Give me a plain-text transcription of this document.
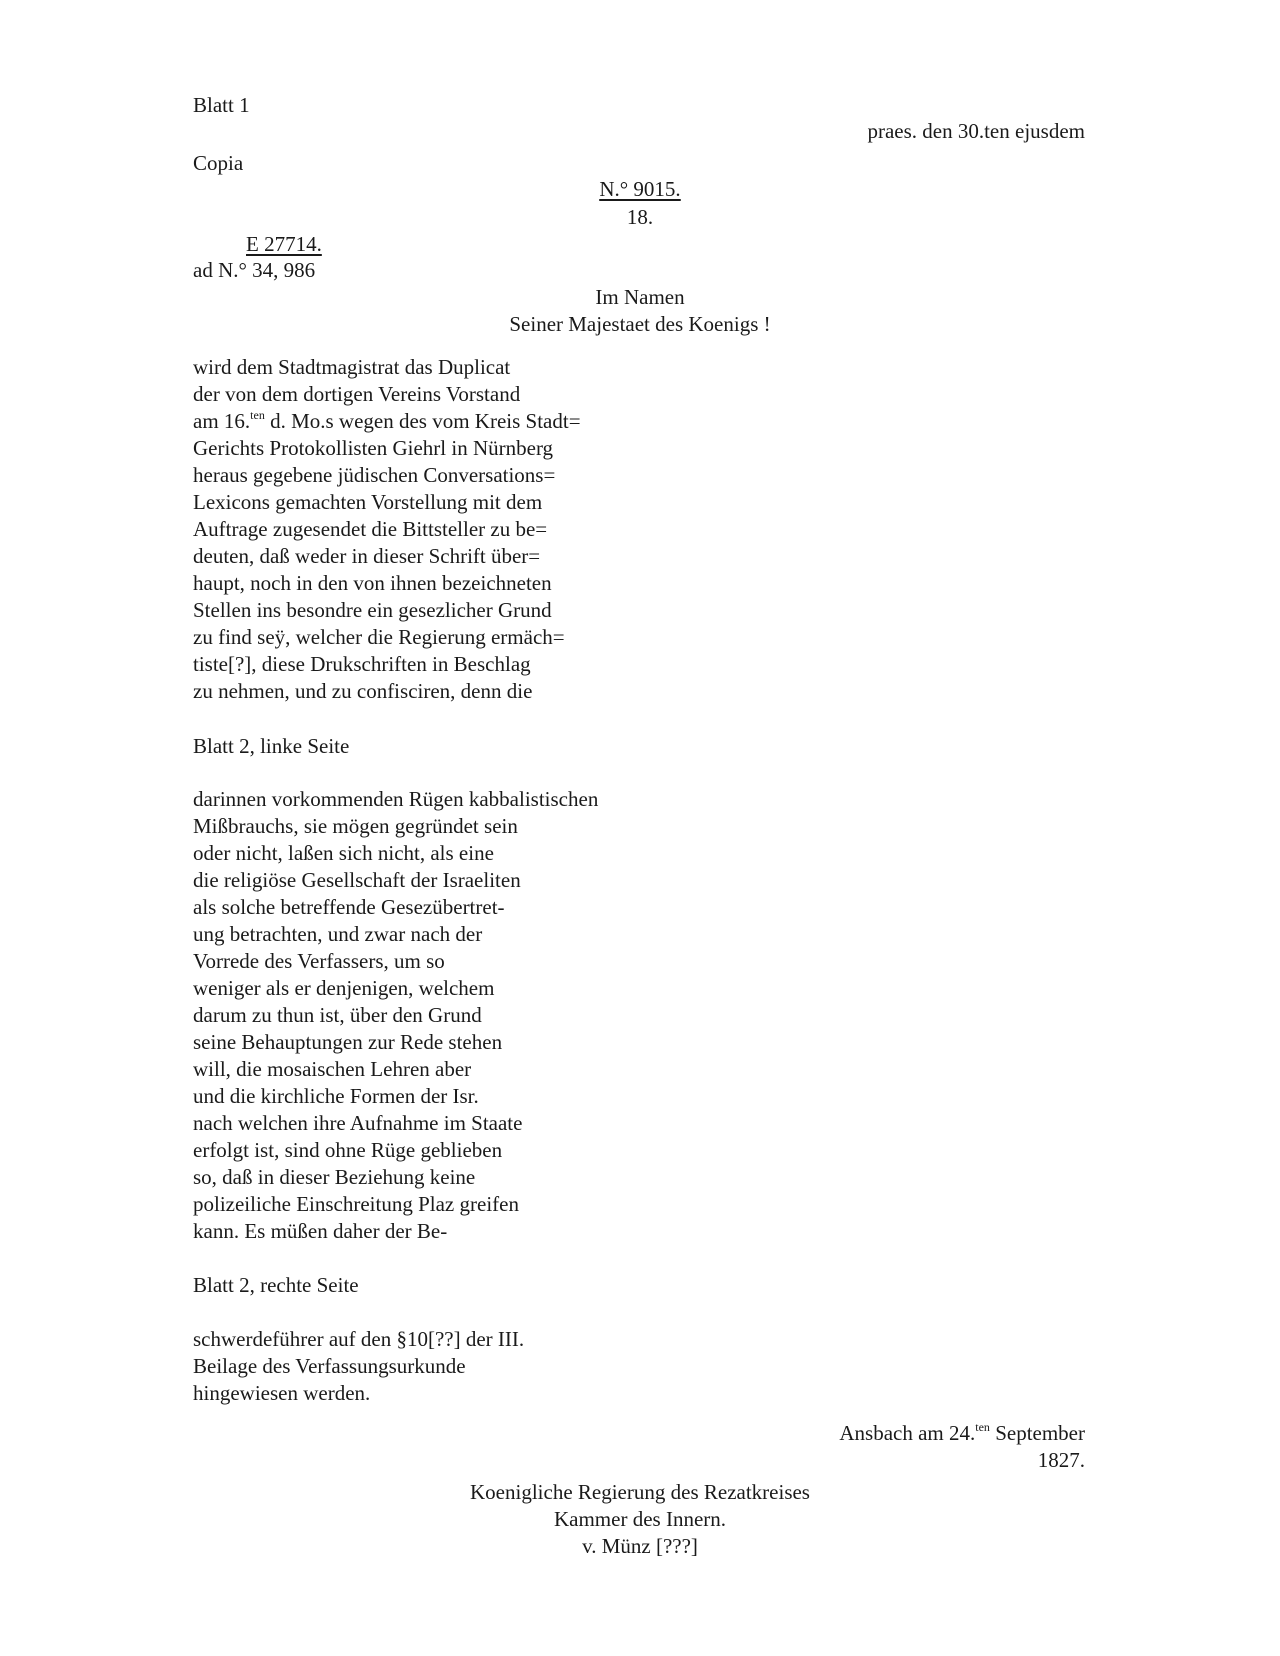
Blatt 1
praes. den 30.ten ejusdem
Copia
N.° 9015.
18.
E 27714.
ad N.° 34, 986
Im Namen
Seiner Majestaet des Koenigs !
wird dem Stadtmagistrat das Duplicat
der von dem dortigen Vereins Vorstand
am 16.$^{ten}$ d. Mo.s wegen des vom Kreis Stadt=
Gerichts Protokollisten Giehrl in Nürnberg
heraus gegebene jüdischen Conversations=
Lexicons gemachten Vorstellung mit dem
Auftrage zugesendet die Bittsteller zu be=
deuten, daß weder in dieser Schrift über=
haupt, noch in den von ihnen bezeichneten
Stellen ins besondre ein gesezlicher Grund
zu find seÿ, welcher die Regierung ermäch=
tiste[?], diese Drukschriften in Beschlag
zu nehmen, und zu confisciren, denn die
Blatt 2, linke Seite
darinnen vorkommenden Rügen kabbalistischen
Mißbrauchs, sie mögen gegründet sein
oder nicht, laßen sich nicht, als eine
die religiöse Gesellschaft der Israeliten
als solche betreffende Gesezübertret-
ung betrachten, und zwar nach der
Vorrede des Verfassers, um so
weniger als er denjenigen, welchem
darum zu thun ist, über den Grund
seine Behauptungen zur Rede stehen
will, die mosaischen Lehren aber
und die kirchliche Formen der Isr.
nach welchen ihre Aufnahme im Staate
erfolgt ist, sind ohne Rüge geblieben
so, daß in dieser Beziehung keine
polizeiliche Einschreitung Plaz greifen
kann. Es müßen daher der Be-
Blatt 2, rechte Seite
schwerdeführer auf den §10[??] der III.
Beilage des Verfassungsurkunde
hingewiesen werden.
Ansbach am 24.$^{ten}$ September
1827.
Koenigliche Regierung des Rezatkreises
Kammer des Innern.
v. Münz [???]
